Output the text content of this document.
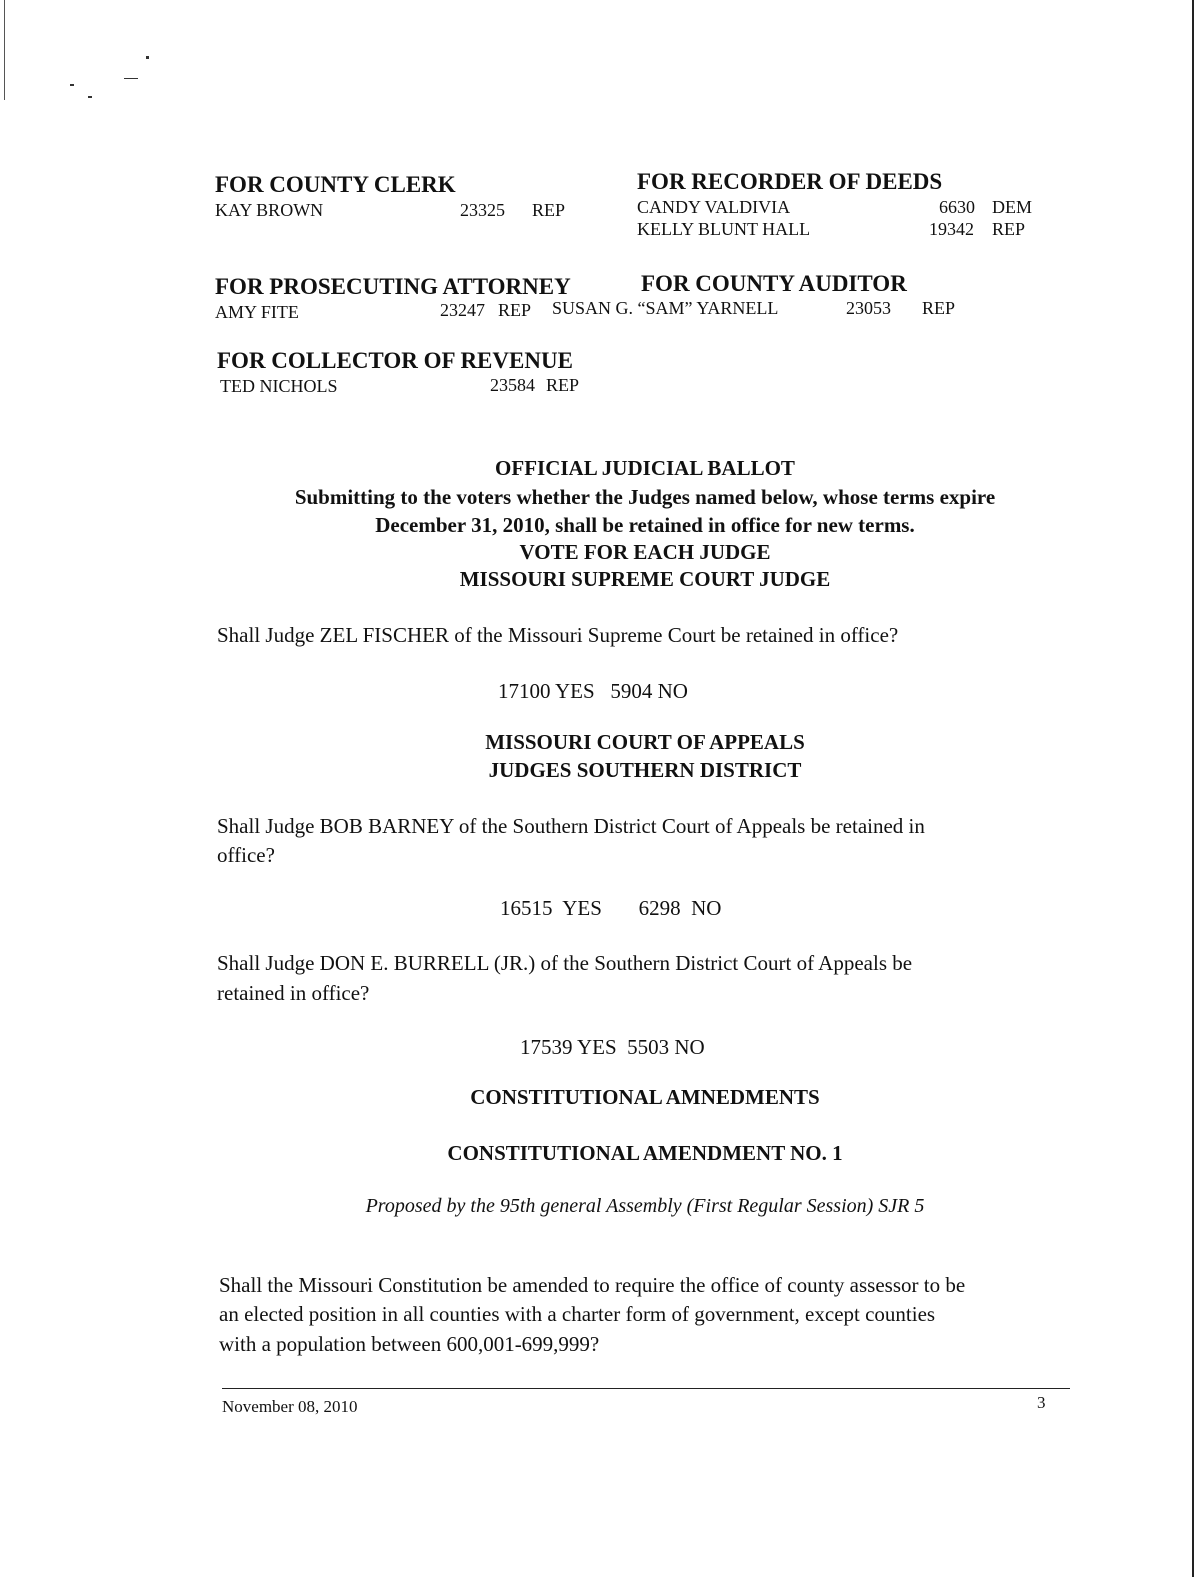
FOR COUNTY CLERK
KAY BROWN	23325 REP
FOR RECORDER OF DEEDS
CANDY VALDIVIA	6630 DEM
KELLY BLUNT HALL	19342 REP
FOR PROSECUTING ATTORNEY
AMY FITE	23247 REP
FOR COUNTY AUDITOR
SUSAN G. “SAM” YARNELL	23053 REP
FOR COLLECTOR OF REVENUE
TED NICHOLS	23584 REP
OFFICIAL JUDICIAL BALLOT
Submitting to the voters whether the Judges named below, whose terms expire
December 31, 2010, shall be retained in office for new terms.
VOTE FOR EACH JUDGE
MISSOURI SUPREME COURT JUDGE
Shall Judge ZEL FISCHER of the Missouri Supreme Court be retained in office?
17100 YES   5904 NO
MISSOURI COURT OF APPEALS
JUDGES SOUTHERN DISTRICT
Shall Judge BOB BARNEY of the Southern District Court of Appeals be retained in
office?
16515  YES       6298  NO
Shall Judge DON E. BURRELL (JR.) of the Southern District Court of Appeals be
retained in office?
17539 YES  5503 NO
CONSTITUTIONAL AMNEDMENTS
CONSTITUTIONAL AMENDMENT NO. 1
Proposed by the 95th general Assembly (First Regular Session) SJR 5
Shall the Missouri Constitution be amended to require the office of county assessor to be
an elected position in all counties with a charter form of government, except counties
with a population between 600,001-699,999?
November 08, 2010	3
